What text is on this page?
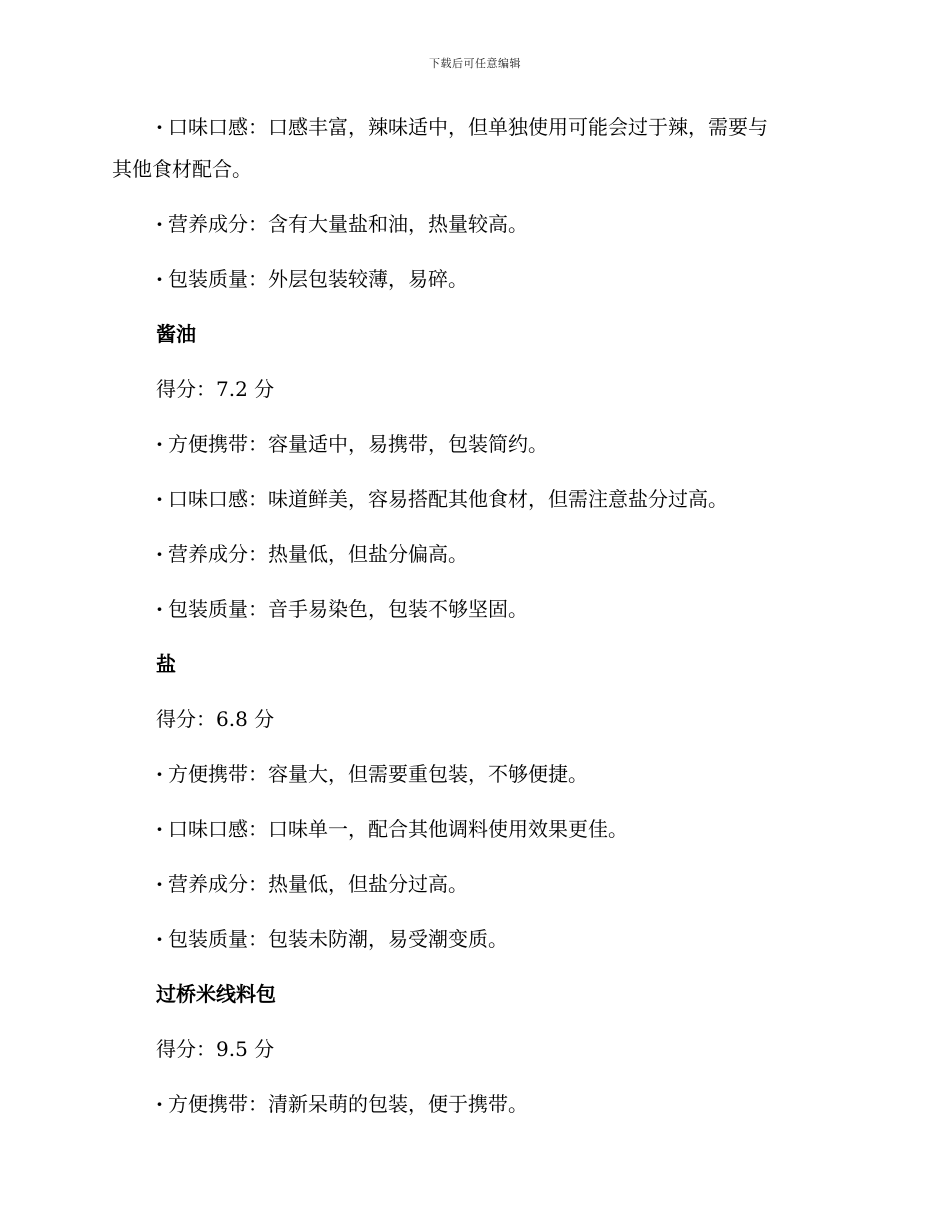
下载后可任意编辑
· 口味口感：口感丰富，辣味适中，但单独使用可能会过于辣，需要与
其他食材配合。
· 营养成分：含有大量盐和油，热量较高。
· 包装质量：外层包装较薄，易碎。
酱油
得分：7.2 分
· 方便携带：容量适中，易携带，包装简约。
· 口味口感：味道鲜美，容易搭配其他食材，但需注意盐分过高。
· 营养成分：热量低，但盐分偏高。
· 包装质量：音手易染色，包装不够坚固。
盐
得分：6.8 分
· 方便携带：容量大，但需要重包装，不够便捷。
· 口味口感：口味单一，配合其他调料使用效果更佳。
· 营养成分：热量低，但盐分过高。
· 包装质量：包装未防潮，易受潮变质。
过桥米线料包
得分：9.5 分
· 方便携带：清新呆萌的包装，便于携带。
